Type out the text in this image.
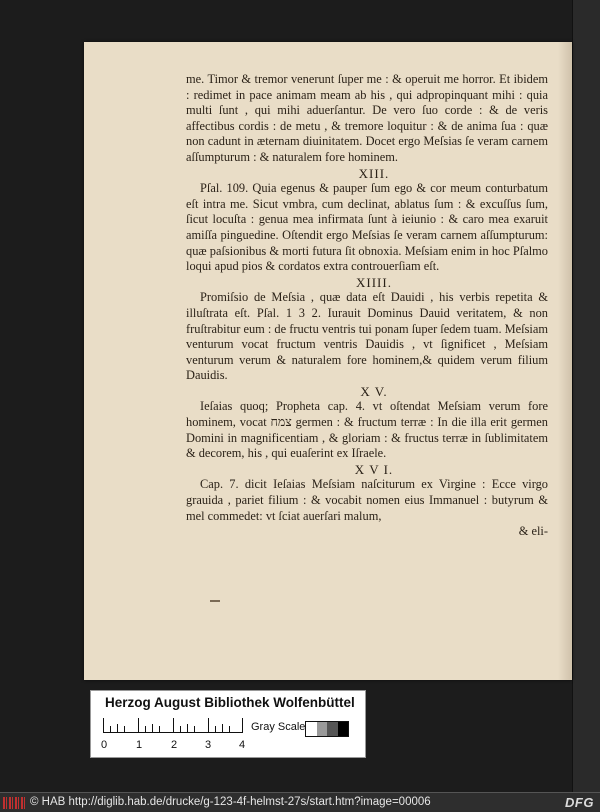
me. Timor & tremor venerunt ſuper me : & operuit me horror. Et ibidem : redimet in pace animam meam ab his , qui adpropinquant mihi : quia multi ſunt , qui mihi aduerſantur. De vero ſuo corde : & de veris affectibus cordis : de metu , & tremore loquitur : & de anima ſua : quæ non cadunt in æternam diuinitatem. Docet ergo Meſsias ſe veram carnem aſſumpturum : & naturalem fore hominem.

XIII.

Pſal. 109. Quia egenus & pauper ſum ego & cor meum conturbatum eſt intra me. Sicut vmbra, cum declinat, ablatus ſum : & excuſſus ſum, ſicut locuſta : genua mea infirmata ſunt à ieiunio : & caro mea exaruit amiſſa pinguedine. Oſtendit ergo Meſsias ſe veram carnem aſſumpturum: quæ paſsionibus & morti futura ſit obnoxia. Meſsiam enim in hoc Pſalmo loqui apud pios & cordatos extra controuerſiam eſt.

XIIII.

Promiſsio de Meſsia , quæ data eſt Dauidi , his verbis repetita & illuſtrata eſt. Pſal. 1 3 2. Iurauit Dominus Dauid veritatem, & non fruſtrabitur eum : de fructu ventris tui ponam ſuper ſedem tuam. Meſsiam venturum vocat fructum ventris Dauidis , vt ſignificet , Meſsiam venturum verum & naturalem fore hominem,& quidem verum filium Dauidis.

X V.

Ieſaias quoq; Propheta cap. 4. vt oſtendat Meſsiam verum fore hominem, vocat צמח germen : & fructum terræ : In die illa erit germen Domini in magnificentiam , & gloriam : & fructus terræ in ſublimitatem & decorem, his , qui euaſerint ex Iſraele.

X V I.

Cap. 7. dicit Ieſaias Meſsiam naſciturum ex Virgine : Ecce virgo grauida , pariet filium : & vocabit nomen eius Immanuel : butyrum & mel commedet: vt ſciat auerſari malum,

& eli-

Herzog August Bibliothek Wolfenbüttel
0	1	2	3	4
Gray Scale
© HAB http://diglib.hab.de/drucke/g-123-4f-helmst-27s/start.htm?image=00006	DFG
